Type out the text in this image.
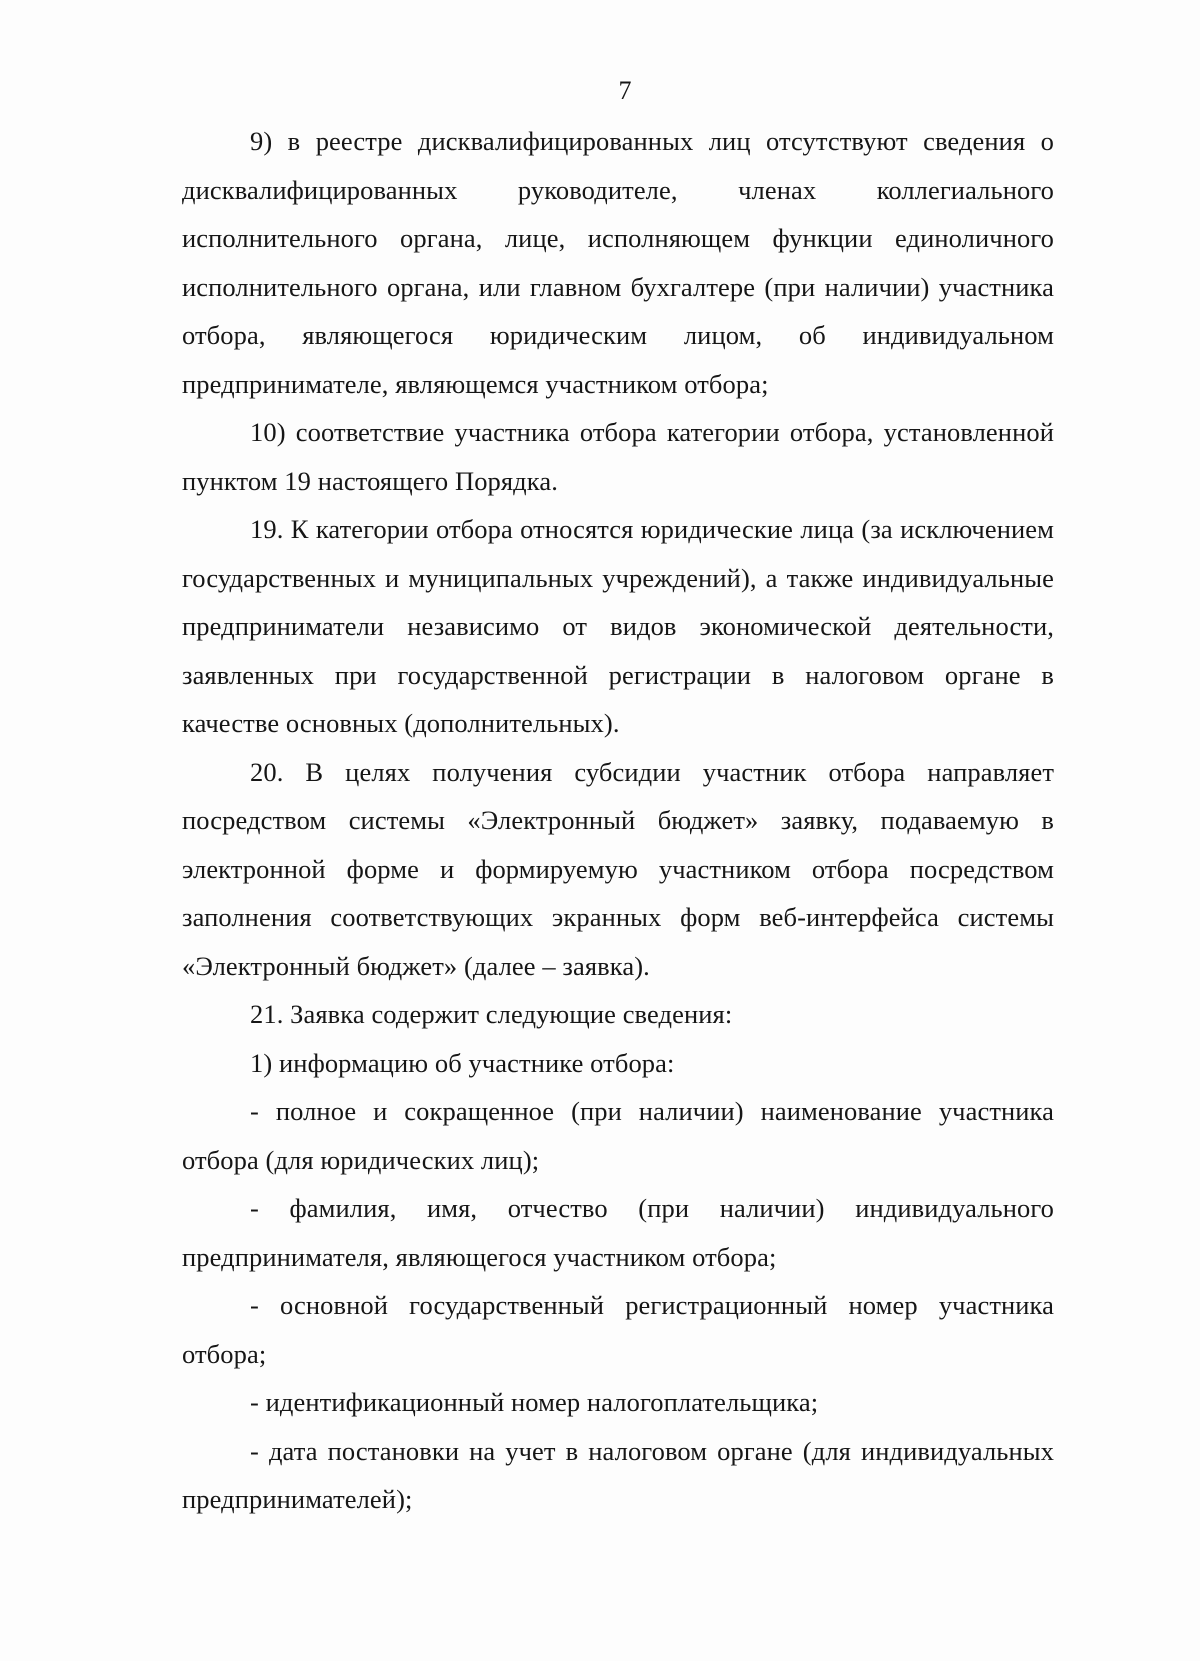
7

9) в реестре дисквалифицированных лиц отсутствуют сведения о дисквалифицированных руководителе, членах коллегиального исполнительного органа, лице, исполняющем функции единоличного исполнительного органа, или главном бухгалтере (при наличии) участника отбора, являющегося юридическим лицом, об индивидуальном предпринимателе, являющемся участником отбора;

10) соответствие участника отбора категории отбора, установленной пунктом 19 настоящего Порядка.

19. К категории отбора относятся юридические лица (за исключением государственных и муниципальных учреждений), а также индивидуальные предприниматели независимо от видов экономической деятельности, заявленных при государственной регистрации в налоговом органе в качестве основных (дополнительных).

20. В целях получения субсидии участник отбора направляет посредством системы «Электронный бюджет» заявку, подаваемую в электронной форме и формируемую участником отбора посредством заполнения соответствующих экранных форм веб-интерфейса системы «Электронный бюджет» (далее – заявка).

21. Заявка содержит следующие сведения:

1) информацию об участнике отбора:

- полное и сокращенное (при наличии) наименование участника отбора (для юридических лиц);

- фамилия, имя, отчество (при наличии) индивидуального предпринимателя, являющегося участником отбора;

- основной государственный регистрационный номер участника отбора;

- идентификационный номер налогоплательщика;

- дата постановки на учет в налоговом органе (для индивидуальных предпринимателей);
